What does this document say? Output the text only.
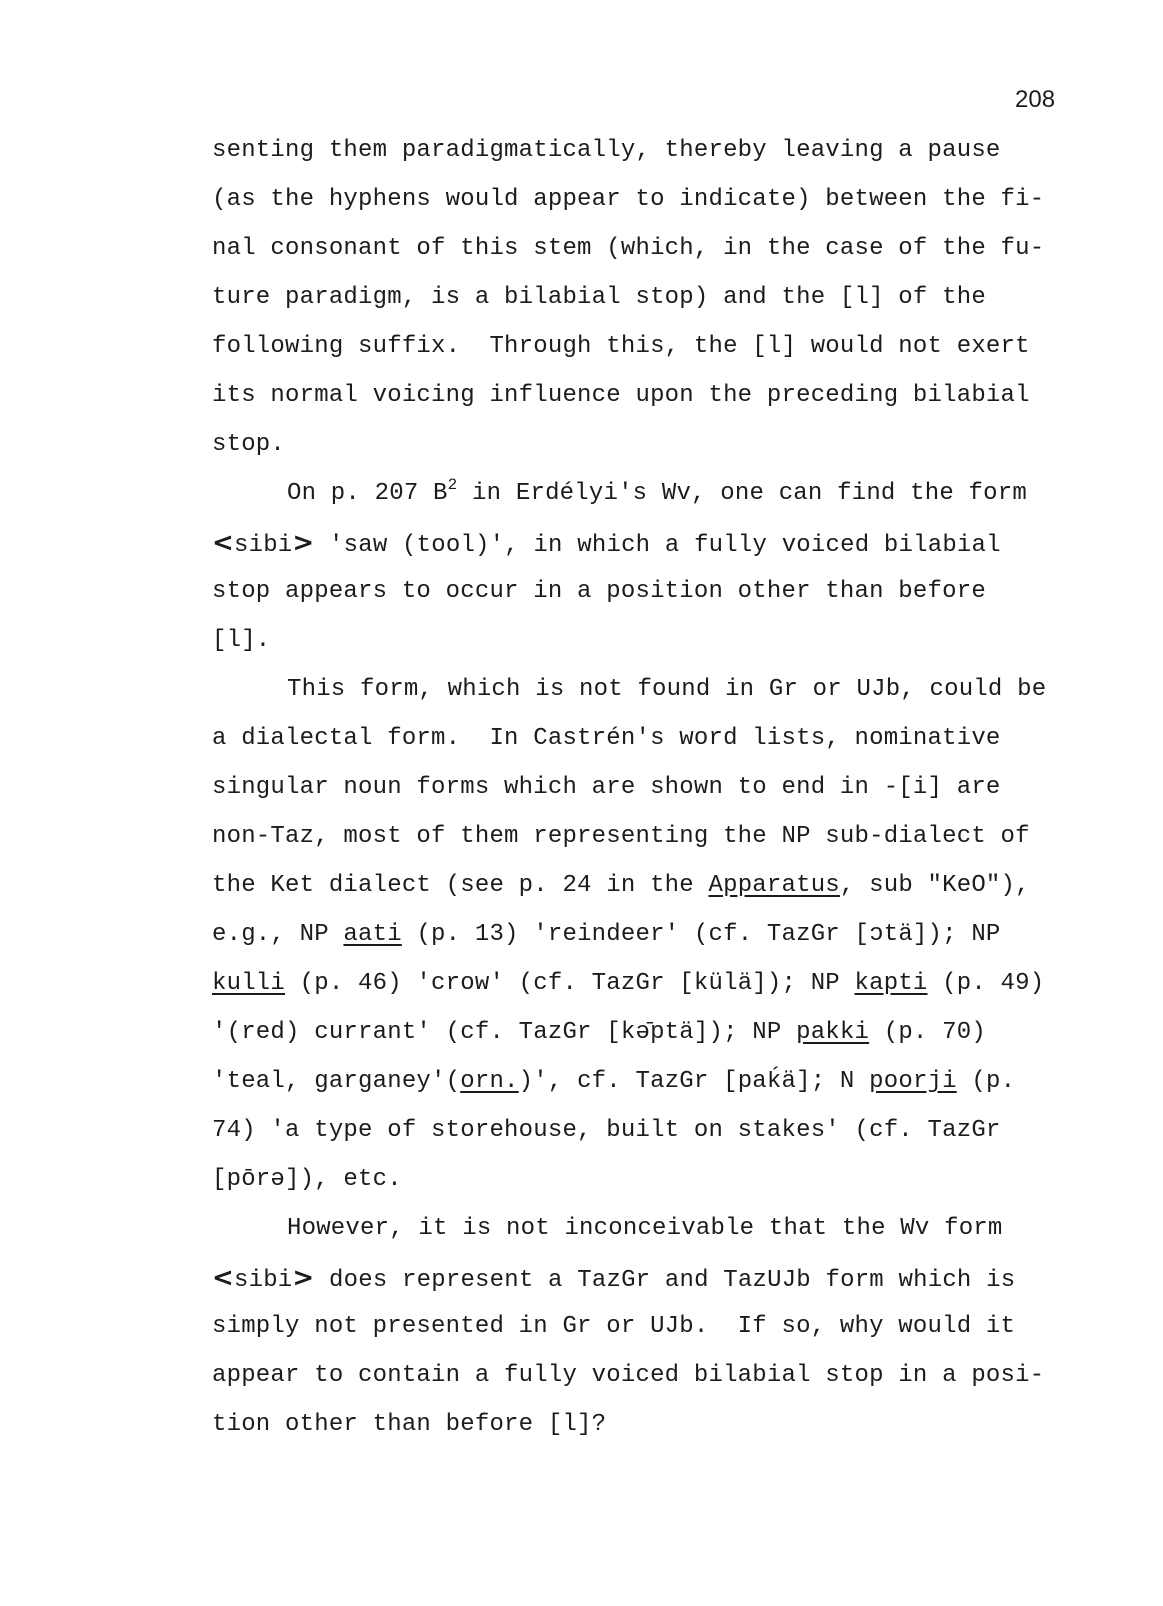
208
senting them paradigmatically, thereby leaving a pause
(as the hyphens would appear to indicate) between the fi-
nal consonant of this stem (which, in the case of the fu-
ture paradigm, is a bilabial stop) and the [l] of the
following suffix.  Through this, the [l] would not exert
its normal voicing influence upon the preceding bilabial
stop.
On p. 207 $B^2$ in Erdélyi's Wv, one can find the form
<sibi> 'saw (tool)', in which a fully voiced bilabial
stop appears to occur in a position other than before
[l].
This form, which is not found in Gr or UJb, could be
a dialectal form.  In Castrén's word lists, nominative
singular noun forms which are shown to end in -[i] are
non-Taz, most of them representing the NP sub-dialect of
the Ket dialect (see p. 24 in the Apparatus, sub "KeO"),
e.g., NP aati (p. 13) 'reindeer' (cf. TazGr [ɔtä]); NP
kulli (p. 46) 'crow' (cf. TazGr [külä]); NP kapti (p. 49)
'(red) currant' (cf. TazGr [kə̄ptä]); NP pakki (p. 70)
'teal, garganey'(orn.)', cf. TazGr [paḱä]; N poorji (p.
74) 'a type of storehouse, built on stakes' (cf. TazGr
[pōrə]), etc.
However, it is not inconceivable that the Wv form
<sibi> does represent a TazGr and TazUJb form which is
simply not presented in Gr or UJb.  If so, why would it
appear to contain a fully voiced bilabial stop in a posi-
tion other than before [l]?
